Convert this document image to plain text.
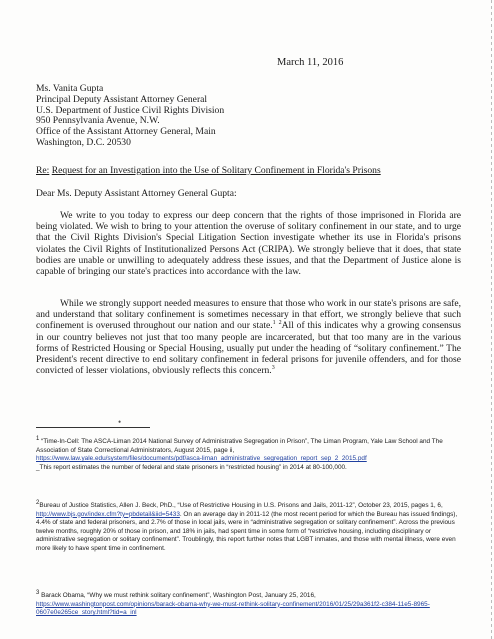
March 11, 2016
Ms. Vanita Gupta
Principal Deputy Assistant Attorney General
U.S. Department of Justice Civil Rights Division
950 Pennsylvania Avenue, N.W.
Office of the Assistant Attorney General, Main
Washington, D.C. 20530
Re: Request for an Investigation into the Use of Solitary Confinement in Florida's Prisons
Dear Ms. Deputy Assistant Attorney General Gupta:
We write to you today to express our deep concern that the rights of those imprisoned in Florida are being violated. We wish to bring to your attention the overuse of solitary confinement in our state, and to urge that the Civil Rights Division's Special Litigation Section investigate whether its use in Florida's prisons violates the Civil Rights of Institutionalized Persons Act (CRIPA). We strongly believe that it does, that state bodies are unable or unwilling to adequately address these issues, and that the Department of Justice alone is capable of bringing our state's practices into accordance with the law.
While we strongly support needed measures to ensure that those who work in our state's prisons are safe, and understand that solitary confinement is sometimes necessary in that effort, we strongly believe that such confinement is overused throughout our nation and our state.$^1$ $^2$All of this indicates why a growing consensus in our country believes not just that too many people are incarcerated, but that too many are in the various forms of Restricted Housing or Special Housing, usually put under the heading of “solitary confinement.” The President's recent directive to end solitary confinement in federal prisons for juvenile offenders, and for those convicted of lesser violations, obviously reflects this concern.$^3$
•
$^1$ “Time-In-Cell: The ASCA-Liman 2014 National Survey of Administrative Segregation in Prison”, The Liman Program, Yale Law School and The Association of State Correctional Administrators, August 2015, page ii,
https://www.law.yale.edu/system/files/documents/pdf/asca-liman_administrative_segregation_report_sep_2_2015.pdf
_This report estimates the number of federal and state prisoners in “restricted housing” in 2014 at 80-100,000.
$^2$Bureau of Justice Statistics, Allen J. Beck, PhD., “Use of Restrictive Housing in U.S. Prisons and Jails, 2011-12”, October 23, 2015, pages 1, 6, http://www.bjs.gov/index.cfm?ty=pbdetail&iid=5433. On an average day in 2011-12 (the most recent period for which the Bureau has issued findings), 4.4% of state and federal prisoners, and 2.7% of those in local jails, were in “administrative segregation or solitary confinement”. Across the previous twelve months, roughly 20% of those in prison, and 18% in jails, had spent time in some form of “restrictive housing, including disciplinary or administrative segregation or solitary confinement”. Troublingly, this report further notes that LGBT inmates, and those with mental illness, were even more likely to have spent time in confinement.
$^3$ Barack Obama, “Why we must rethink solitary confinement”, Washington Post, January 25, 2016,
https://www.washingtonpost.com/opinions/barack-obama-why-we-must-rethink-solitary-confinement/2016/01/25/29a361f2-c384-11e5-8965-0607e0e265ce_story.html?tid=a_inl
